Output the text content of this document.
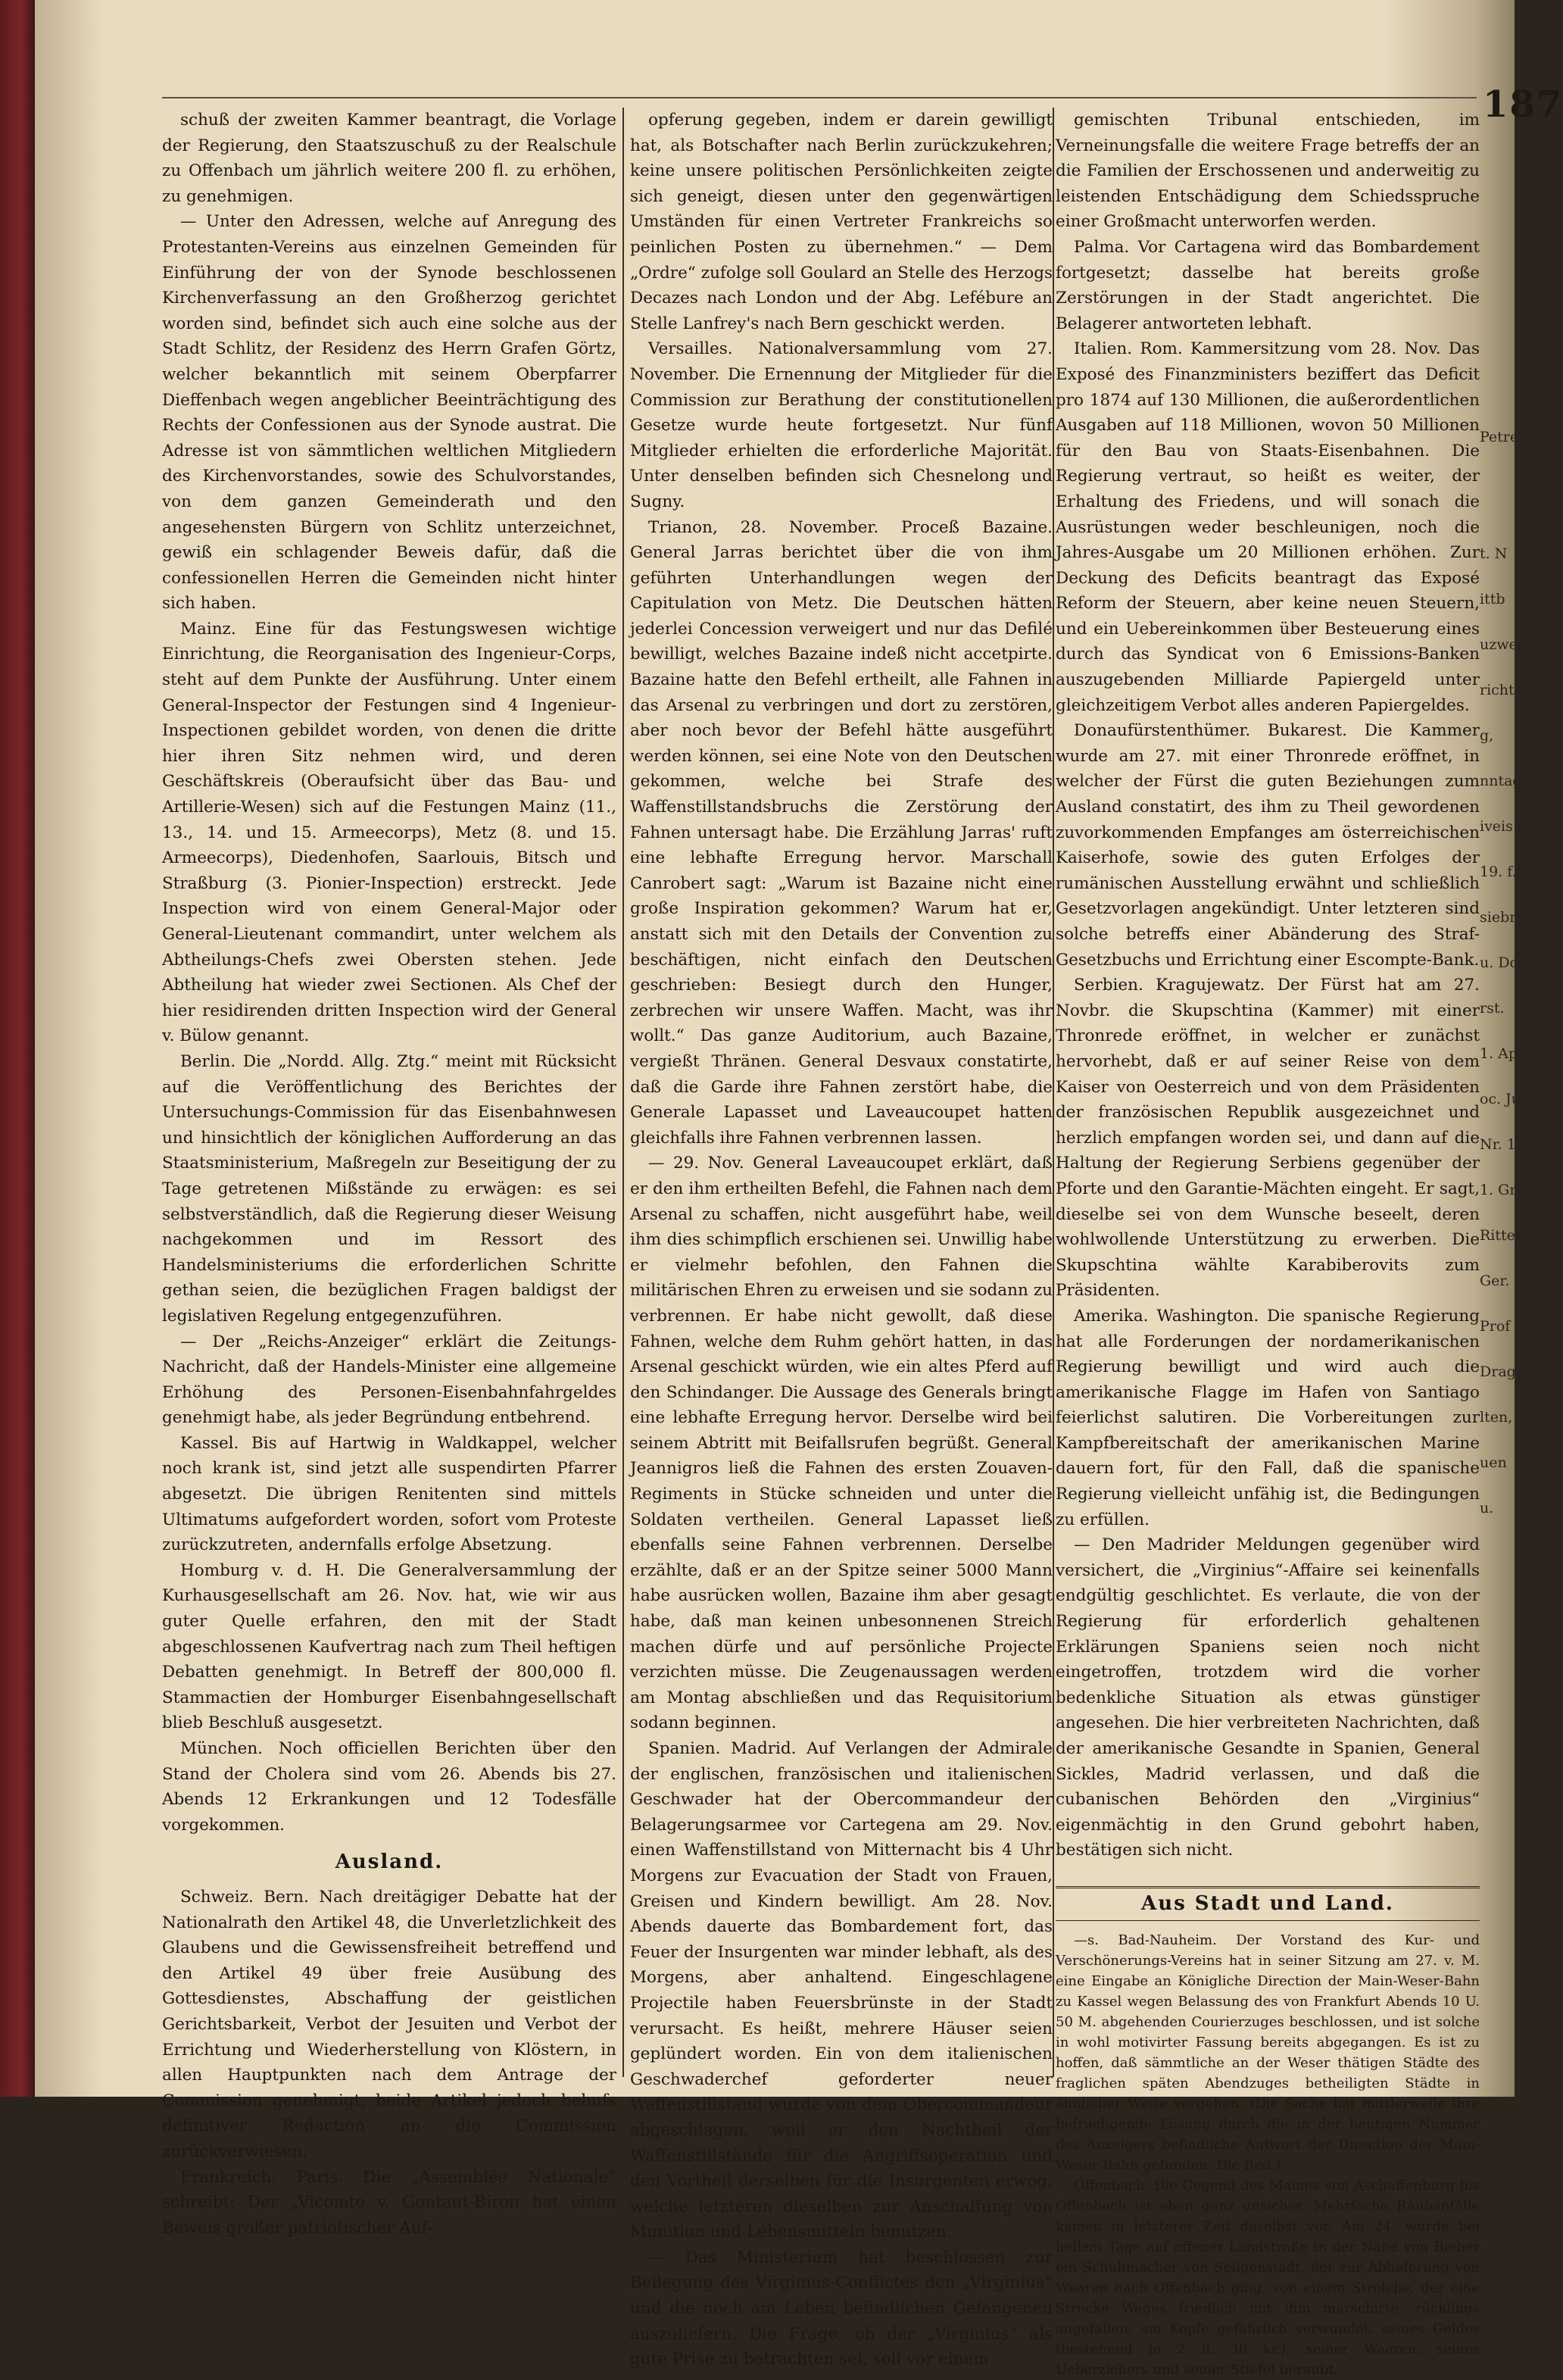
187
Petrei
t. N
ittb
uzweigst
richtsb
g,
nntag
iveis
19. f.
siebr
u. Do
rst.
1. Apr
oc. Ju
Nr. 1
1. Gre
Ritter
Ger.
Prof
Drag
lten,
uen
u.

schuß der zweiten Kammer beantragt, die Vorlage der Regierung, den Staatszuschuß zu der Realschule zu Offenbach um jährlich weitere 200 fl. zu erhöhen, zu genehmigen.

— Unter den Adressen, welche auf Anregung des Protestanten-Vereins aus einzelnen Gemeinden für Einführung der von der Synode beschlossenen Kirchenverfassung an den Großherzog gerichtet worden sind, befindet sich auch eine solche aus der Stadt Schlitz, der Residenz des Herrn Grafen Görtz, welcher bekanntlich mit seinem Oberpfarrer Dieffenbach wegen angeblicher Beeinträchtigung des Rechts der Confessionen aus der Synode austrat. Die Adresse ist von sämmtlichen weltlichen Mitgliedern des Kirchenvorstandes, sowie des Schulvorstandes, von dem ganzen Gemeinderath und den angesehensten Bürgern von Schlitz unterzeichnet, gewiß ein schlagender Beweis dafür, daß die confessionellen Herren die Gemeinden nicht hinter sich haben.

Mainz. Eine für das Festungswesen wichtige Einrichtung, die Reorganisation des Ingenieur-Corps, steht auf dem Punkte der Ausführung. Unter einem General-Inspector der Festungen sind 4 Ingenieur-Inspectionen gebildet worden, von denen die dritte hier ihren Sitz nehmen wird, und deren Geschäftskreis (Oberaufsicht über das Bau- und Artillerie-Wesen) sich auf die Festungen Mainz (11., 13., 14. und 15. Armeecorps), Metz (8. und 15. Armeecorps), Diedenhofen, Saarlouis, Bitsch und Straßburg (3. Pionier-Inspection) erstreckt. Jede Inspection wird von einem General-Major oder General-Lieutenant commandirt, unter welchem als Abtheilungs-Chefs zwei Obersten stehen. Jede Abtheilung hat wieder zwei Sectionen. Als Chef der hier residirenden dritten Inspection wird der General v. Bülow genannt.

Berlin. Die „Nordd. Allg. Ztg.“ meint mit Rücksicht auf die Veröffentlichung des Berichtes der Untersuchungs-Commission für das Eisenbahnwesen und hinsichtlich der königlichen Aufforderung an das Staatsministerium, Maßregeln zur Beseitigung der zu Tage getretenen Mißstände zu erwägen: es sei selbstverständlich, daß die Regierung dieser Weisung nachgekommen und im Ressort des Handelsministeriums die erforderlichen Schritte gethan seien, die bezüglichen Fragen baldigst der legislativen Regelung entgegenzuführen.

— Der „Reichs-Anzeiger“ erklärt die Zeitungs-Nachricht, daß der Handels-Minister eine allgemeine Erhöhung des Personen-Eisenbahnfahrgeldes genehmigt habe, als jeder Begründung entbehrend.

Kassel. Bis auf Hartwig in Waldkappel, welcher noch krank ist, sind jetzt alle suspendirten Pfarrer abgesetzt. Die übrigen Renitenten sind mittels Ultimatums aufgefordert worden, sofort vom Proteste zurückzutreten, andernfalls erfolge Absetzung.

Homburg v. d. H. Die Generalversammlung der Kurhausgesellschaft am 26. Nov. hat, wie wir aus guter Quelle erfahren, den mit der Stadt abgeschlossenen Kaufvertrag nach zum Theil heftigen Debatten genehmigt. In Betreff der 800,000 fl. Stammactien der Homburger Eisenbahngesellschaft blieb Beschluß ausgesetzt.

München. Noch officiellen Berichten über den Stand der Cholera sind vom 26. Abends bis 27. Abends 12 Erkrankungen und 12 Todesfälle vorgekommen.

Ausland.

Schweiz. Bern. Nach dreitägiger Debatte hat der Nationalrath den Artikel 48, die Unverletzlichkeit des Glaubens und die Gewissensfreiheit betreffend und den Artikel 49 über freie Ausübung des Gottesdienstes, Abschaffung der geistlichen Gerichtsbarkeit, Verbot der Jesuiten und Verbot der Errichtung und Wiederherstellung von Klöstern, in allen Hauptpunkten nach dem Antrage der Commission genehmigt, beide Artikel jedoch behufs definitiver Redaction an die Commission zurückverwiesen.

Frankreich. Paris. Die „Assemblée Nationale“ schreibt: Der „Vicomte v. Gontaut-Biron hat einen Beweis großer patriotischer Auf-

opferung gegeben, indem er darein gewilligt hat, als Botschafter nach Berlin zurückzukehren; keine unsere politischen Persönlichkeiten zeigte sich geneigt, diesen unter den gegenwärtigen Umständen für einen Vertreter Frankreichs so peinlichen Posten zu übernehmen.“ — Dem „Ordre“ zufolge soll Goulard an Stelle des Herzogs Decazes nach London und der Abg. Lefébure an Stelle Lanfrey's nach Bern geschickt werden.

Versailles. Nationalversammlung vom 27. November. Die Ernennung der Mitglieder für die Commission zur Berathung der constitutionellen Gesetze wurde heute fortgesetzt. Nur fünf Mitglieder erhielten die erforderliche Majorität. Unter denselben befinden sich Chesnelong und Sugny.

Trianon, 28. November. Proceß Bazaine. General Jarras berichtet über die von ihm geführten Unterhandlungen wegen der Capitulation von Metz. Die Deutschen hätten jederlei Concession verweigert und nur das Defilé bewilligt, welches Bazaine indeß nicht accetpirte. Bazaine hatte den Befehl ertheilt, alle Fahnen in das Arsenal zu verbringen und dort zu zerstören, aber noch bevor der Befehl hätte ausgeführt werden können, sei eine Note von den Deutschen gekommen, welche bei Strafe des Waffenstillstandsbruchs die Zerstörung der Fahnen untersagt habe. Die Erzählung Jarras' ruft eine lebhafte Erregung hervor. Marschall Canrobert sagt: „Warum ist Bazaine nicht eine große Inspiration gekommen? Warum hat er, anstatt sich mit den Details der Convention zu beschäftigen, nicht einfach den Deutschen geschrieben: Besiegt durch den Hunger, zerbrechen wir unsere Waffen. Macht, was ihr wollt.“ Das ganze Auditorium, auch Bazaine, vergießt Thränen. General Desvaux constatirte, daß die Garde ihre Fahnen zerstört habe, die Generale Lapasset und Laveaucoupet hatten gleichfalls ihre Fahnen verbrennen lassen.

— 29. Nov. General Laveaucoupet erklärt, daß er den ihm ertheilten Befehl, die Fahnen nach dem Arsenal zu schaffen, nicht ausgeführt habe, weil ihm dies schimpflich erschienen sei. Unwillig habe er vielmehr befohlen, den Fahnen die militärischen Ehren zu erweisen und sie sodann zu verbrennen. Er habe nicht gewollt, daß diese Fahnen, welche dem Ruhm gehört hatten, in das Arsenal geschickt würden, wie ein altes Pferd auf den Schindanger. Die Aussage des Generals bringt eine lebhafte Erregung hervor. Derselbe wird bei seinem Abtritt mit Beifallsrufen begrüßt. General Jeannigros ließ die Fahnen des ersten Zouaven-Regiments in Stücke schneiden und unter die Soldaten vertheilen. General Lapasset ließ ebenfalls seine Fahnen verbrennen. Derselbe erzählte, daß er an der Spitze seiner 5000 Mann habe ausrücken wollen, Bazaine ihm aber gesagt habe, daß man keinen unbesonnenen Streich machen dürfe und auf persönliche Projecte verzichten müsse. Die Zeugenaussagen werden am Montag abschließen und das Requisitorium sodann beginnen.

Spanien. Madrid. Auf Verlangen der Admirale der englischen, französischen und italienischen Geschwader hat der Obercommandeur der Belagerungsarmee vor Cartegena am 29. Nov. einen Waffenstillstand von Mitternacht bis 4 Uhr Morgens zur Evacuation der Stadt von Frauen, Greisen und Kindern bewilligt. Am 28. Nov. Abends dauerte das Bombardement fort, das Feuer der Insurgenten war minder lebhaft, als des Morgens, aber anhaltend. Eingeschlagene Projectile haben Feuersbrünste in der Stadt verursacht. Es heißt, mehrere Häuser seien geplündert worden. Ein von dem italienischen Geschwaderchef geforderter neuer Waffenstillstand wurde von dem Obercommandeur abgeschlagen, weil er den Nachtheil der Waffenstillstände für die Angriffsoperation und den Vortheil derselben für die Insurgenten erwog, welche letzteren dieselben zur Anschaffung von Munition und Lebensmitteln benutzen.

— Das Ministerium hat beschlossen zur Beilegung des Virginius-Conflictes den „Virginius“ und die noch am Leben befindlichen Gefangenen auszuliefern. Die Frage, ob der „Virginius“ als gute Prise zu betrachten sei, soll vor einem

gemischten Tribunal entschieden, im Verneinungsfalle die weitere Frage betreffs der an die Familien der Erschossenen und anderweitig zu leistenden Entschädigung dem Schiedsspruche einer Großmacht unterworfen werden.

Palma. Vor Cartagena wird das Bombardement fortgesetzt; dasselbe hat bereits große Zerstörungen in der Stadt angerichtet. Die Belagerer antworteten lebhaft.

Italien. Rom. Kammersitzung vom 28. Nov. Das Exposé des Finanzministers beziffert das Deficit pro 1874 auf 130 Millionen, die außerordentlichen Ausgaben auf 118 Millionen, wovon 50 Millionen für den Bau von Staats-Eisenbahnen. Die Regierung vertraut, so heißt es weiter, der Erhaltung des Friedens, und will sonach die Ausrüstungen weder beschleunigen, noch die Jahres-Ausgabe um 20 Millionen erhöhen. Zur Deckung des Deficits beantragt das Exposé Reform der Steuern, aber keine neuen Steuern, und ein Uebereinkommen über Besteuerung eines durch das Syndicat von 6 Emissions-Banken auszugebenden Milliarde Papiergeld unter gleichzeitigem Verbot alles anderen Papiergeldes.

Donaufürstenthümer. Bukarest. Die Kammer wurde am 27. mit einer Thronrede eröffnet, in welcher der Fürst die guten Beziehungen zum Ausland constatirt, des ihm zu Theil gewordenen zuvorkommenden Empfanges am österreichischen Kaiserhofe, sowie des guten Erfolges der rumänischen Ausstellung erwähnt und schließlich Gesetzvorlagen angekündigt. Unter letzteren sind solche betreffs einer Abänderung des Straf-Gesetzbuchs und Errichtung einer Escompte-Bank.

Serbien. Kragujewatz. Der Fürst hat am 27. Novbr. die Skupschtina (Kammer) mit einer Thronrede eröffnet, in welcher er zunächst hervorhebt, daß er auf seiner Reise von dem Kaiser von Oesterreich und von dem Präsidenten der französischen Republik ausgezeichnet und herzlich empfangen worden sei, und dann auf die Haltung der Regierung Serbiens gegenüber der Pforte und den Garantie-Mächten eingeht. Er sagt, dieselbe sei von dem Wunsche beseelt, deren wohlwollende Unterstützung zu erwerben. Die Skupschtina wählte Karabiberovits zum Präsidenten.

Amerika. Washington. Die spanische Regierung hat alle Forderungen der nordamerikanischen Regierung bewilligt und wird auch die amerikanische Flagge im Hafen von Santiago feierlichst salutiren. Die Vorbereitungen zur Kampfbereitschaft der amerikanischen Marine dauern fort, für den Fall, daß die spanische Regierung vielleicht unfähig ist, die Bedingungen zu erfüllen.

— Den Madrider Meldungen gegenüber wird versichert, die „Virginius“-Affaire sei keinenfalls endgültig geschlichtet. Es verlaute, die von der Regierung für erforderlich gehaltenen Erklärungen Spaniens seien noch nicht eingetroffen, trotzdem wird die vorher bedenkliche Situation als etwas günstiger angesehen. Die hier verbreiteten Nachrichten, daß der amerikanische Gesandte in Spanien, General Sickles, Madrid verlassen, und daß die cubanischen Behörden den „Virginius“ eigenmächtig in den Grund gebohrt haben, bestätigen sich nicht.

Aus Stadt und Land.

—s. Bad-Nauheim. Der Vorstand des Kur- und Verschönerungs-Vereins hat in seiner Sitzung am 27. v. M. eine Eingabe an Königliche Direction der Main-Weser-Bahn zu Kassel wegen Belassung des von Frankfurt Abends 10 U. 50 M. abgehenden Courierzuges beschlossen, und ist solche in wohl motivirter Fassung bereits abgegangen. Es ist zu hoffen, daß sämmtliche an der Weser thätigen Städte des fraglichen späten Abendzuges betheiligten Städte in ähnlicher Weise vorgehen. (Die Sache hat mittlerweile ihre befriedigende Lösung durch die in der heutigen Nummer des Anzeigers befindliche Antwort der Direction der Main-Weser-Bahn gefunden. Die Red.)

Offenbach. Die Gegend des Maines von Aschaffenburg bis Offenbach ist eben ganz unsicher. Mehrfache Raubanfälle kamen in letzterer Zeit daselbst vor. Am 24. wurde bei hellem Tage auf offener Landstraße in der Nähe von Bieber ein Schuhmacher von Seligenstadt, der zur Ablieferung von Waaren nach Offenbach ging, von einem Strolche, der eine Strecke Weges friedlich mit ihm marschirte, rücklings angefallen, am Kopfe gefährlich verwundet, seines Geldes (bestehend in 2 fl. 30 kr.), seiner Waaren, seines Ueberziehers und seiner Stiefel beraubt.
